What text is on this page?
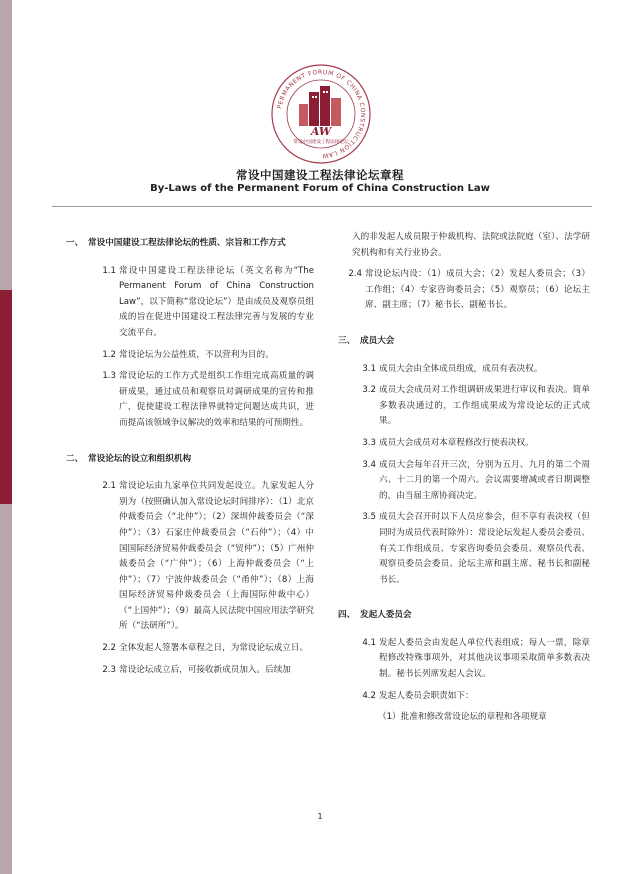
PERMANENT FORUM OF CHINA CONSTRUCTION LAW
AW
常设中国建设工程法律论坛
常设中国建设工程法律论坛章程
By-Laws of the Permanent Forum of China Construction Law
一、 常设中国建设工程法律论坛的性质、宗旨和工作方式
1.1 常设中国建设工程法律论坛（英文名称为“The Permanent Forum of China Construction Law”，以下简称“常设论坛”）是由成员及观察员组成的旨在促进中国建设工程法律完善与发展的专业交流平台。
1.2 常设论坛为公益性质，不以营利为目的。
1.3 常设论坛的工作方式是组织工作组完成高质量的调研成果，通过成员和观察员对调研成果的宣传和推广，促使建设工程法律界就特定问题达成共识，进而提高该领域争议解决的效率和结果的可预期性。
二、 常设论坛的设立和组织机构
2.1 常设论坛由九家单位共同发起设立。九家发起人分别为（按照确认加入常设论坛时间排序）：（1）北京仲裁委员会（“北仲”）；（2）深圳仲裁委员会（“深仲”）；（3）石家庄仲裁委员会（“石仲”）；（4）中国国际经济贸易仲裁委员会（“贸仲”）；（5）广州仲裁委员会（“广仲”）；（6）上海仲裁委员会（“上仲”）；（7）宁波仲裁委员会（“甬仲”）；（8）上海国际经济贸易仲裁委员会（上海国际仲裁中心）（“上国仲”）；（9）最高人民法院中国应用法学研究所（“法研所”）。
2.2 全体发起人签署本章程之日，为常设论坛成立日。
2.3 常设论坛成立后，可接收新成员加入。后续加
入的非发起人成员限于仲裁机构、法院或法院庭（室）、法学研究机构和有关行业协会。
2.4 常设论坛内设：（1）成员大会；（2）发起人委员会；（3）工作组；（4）专家咨询委员会；（5）观察员；（6）论坛主席、副主席；（7）秘书长、副秘书长。
三、 成员大会
3.1 成员大会由全体成员组成，成员有表决权。
3.2 成员大会成员对工作组调研成果进行审议和表决。简单多数表决通过的，工作组成果成为常设论坛的正式成果。
3.3 成员大会成员对本章程修改行使表决权。
3.4 成员大会每年召开三次，分别为五月、九月的第二个周六、十二月的第一个周六。会议需要增减或者日期调整的，由当届主席协商决定。
3.5 成员大会召开时以下人员应参会，但不享有表决权（但同时为成员代表时除外）：常设论坛发起人委员会委员、有关工作组成员、专家咨询委员会委员、观察员代表、观察员委员会委员、论坛主席和副主席、秘书长和副秘书长。
四、 发起人委员会
4.1 发起人委员会由发起人单位代表组成；每人一票，除章程修改特殊事项外，对其他决议事项采取简单多数表决制。秘书长列席发起人会议。
4.2 发起人委员会职责如下：
（1） 批准和修改常设论坛的章程和各项规章
1
